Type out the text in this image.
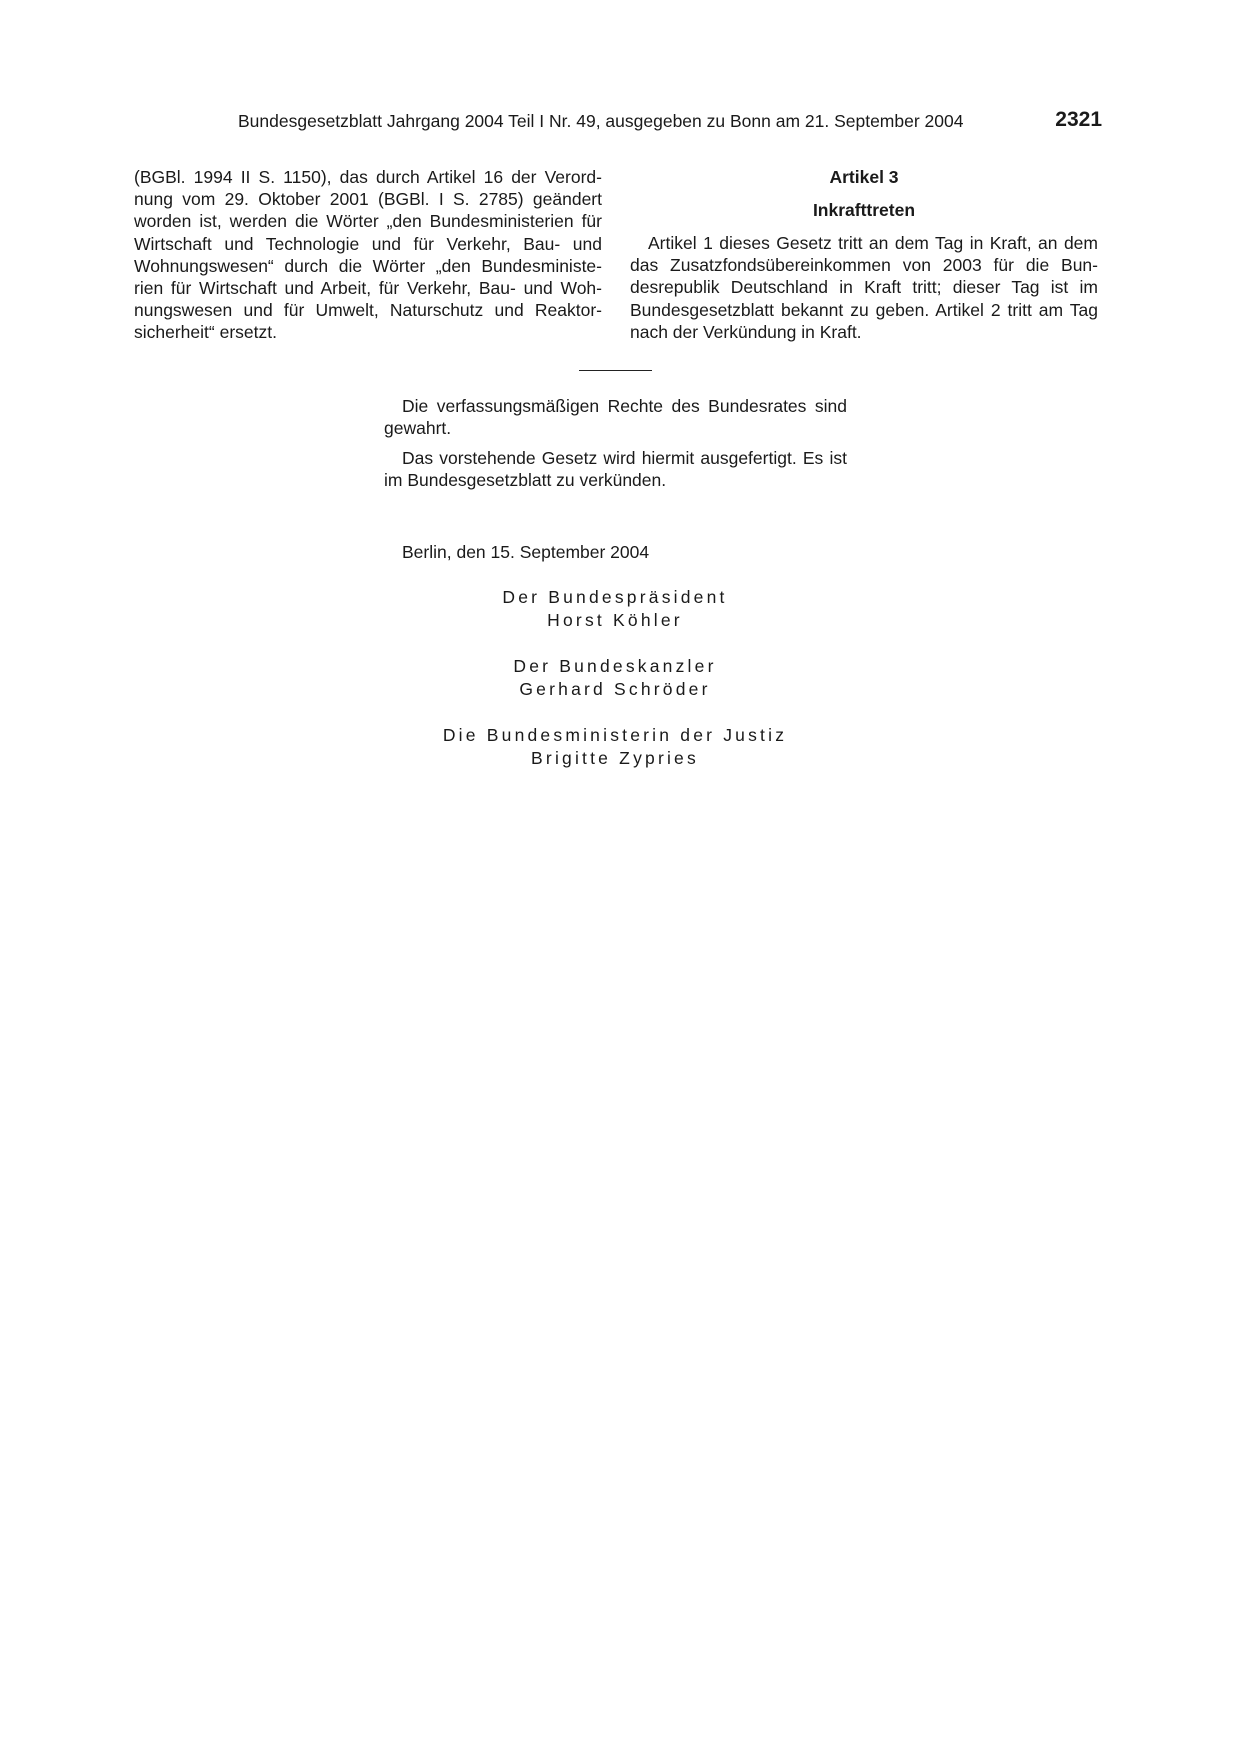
Bundesgesetzblatt Jahrgang 2004 Teil I Nr. 49, ausgegeben zu Bonn am 21. September 2004	2321
(BGBl. 1994 II S. 1150), das durch Artikel 16 der Verord- nung vom 29. Oktober 2001 (BGBl. I S. 2785) geändert worden ist, werden die Wörter „den Bundesministerien für Wirtschaft und Technologie und für Verkehr, Bau- und Wohnungswesen“ durch die Wörter „den Bundesministe- rien für Wirtschaft und Arbeit, für Verkehr, Bau- und Woh- nungswesen und für Umwelt, Naturschutz und Reaktor- sicherheit“ ersetzt.
Artikel 3
Inkrafttreten

Artikel 1 dieses Gesetz tritt an dem Tag in Kraft, an dem das Zusatzfondsübereinkommen von 2003 für die Bun- desrepublik Deutschland in Kraft tritt; dieser Tag ist im Bundesgesetzblatt bekannt zu geben. Artikel 2 tritt am Tag nach der Verkündung in Kraft.

Die verfassungsmäßigen Rechte des Bundesrates sind gewahrt.

Das vorstehende Gesetz wird hiermit ausgefertigt. Es ist im Bundesgesetzblatt zu verkünden.

Berlin, den 15. September 2004
Der Bundespräsident
Horst Köhler
Der Bundeskanzler
Gerhard Schröder
Die Bundesministerin der Justiz
Brigitte Zypries
